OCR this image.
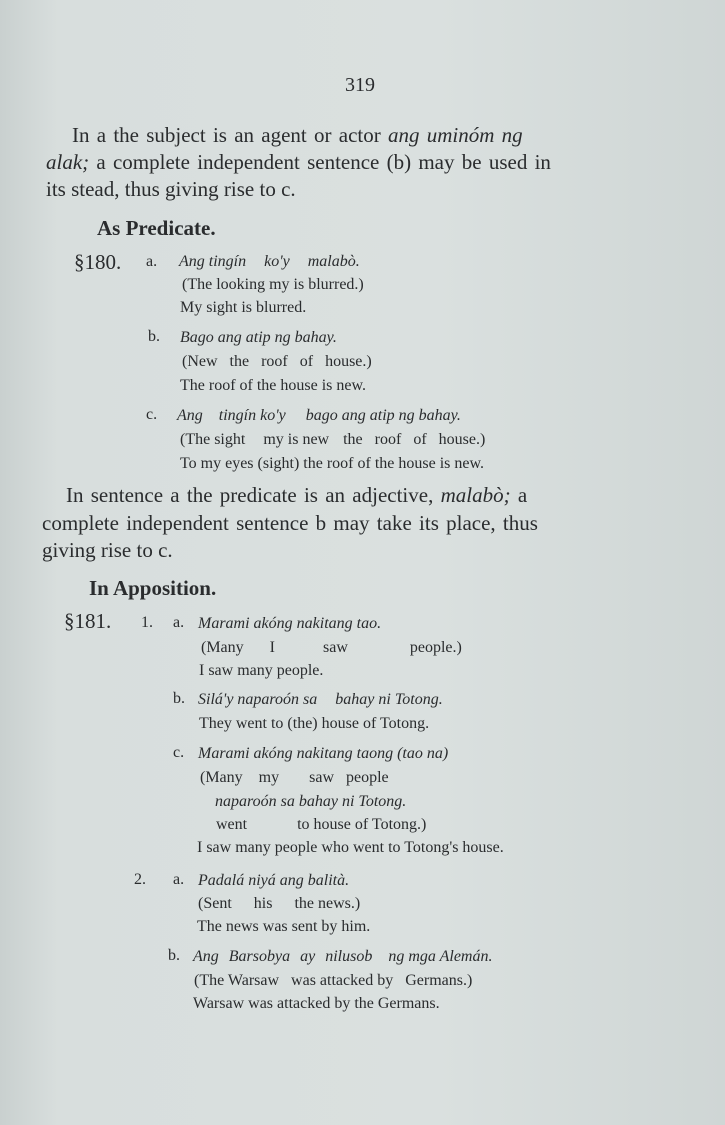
319
In a the subject is an agent or actor ang uminóm ng
alak; a complete independent sentence (b) may be used in
its stead, thus giving rise to c.
As Predicate.
§180. a. Ang tingín ko'y malabò.
(The looking my is blurred.)
My sight is blurred.
b. Bago ang atip ng bahay.
(New the roof of house.)
The roof of the house is new.
c. Ang tingín ko'y bago ang atip ng bahay.
(The sight my is new the roof of house.)
To my eyes (sight) the roof of the house is new.
In sentence a the predicate is an adjective, malabò; a
complete independent sentence b may take its place, thus
giving rise to c.
In Apposition.
§181. 1. a. Marami akóng nakitang tao.
(Many I	saw	people.)
I saw many people.
b. Silá'y naparoón sa bahay ni Totong.
They went to (the) house of Totong.
c. Marami akóng nakitang taong (tao na)
(Many my saw people
naparoón sa bahay ni Totong.
went	to house of Totong.)
I saw many people who went to Totong's house.
2. a. Padalá niyá ang balità.
(Sent his the news.)
The news was sent by him.
b. Ang Barsobya ay nilusob ng mga Alemán.
(The Warsaw was attacked by Germans.)
Warsaw was attacked by the Germans.
